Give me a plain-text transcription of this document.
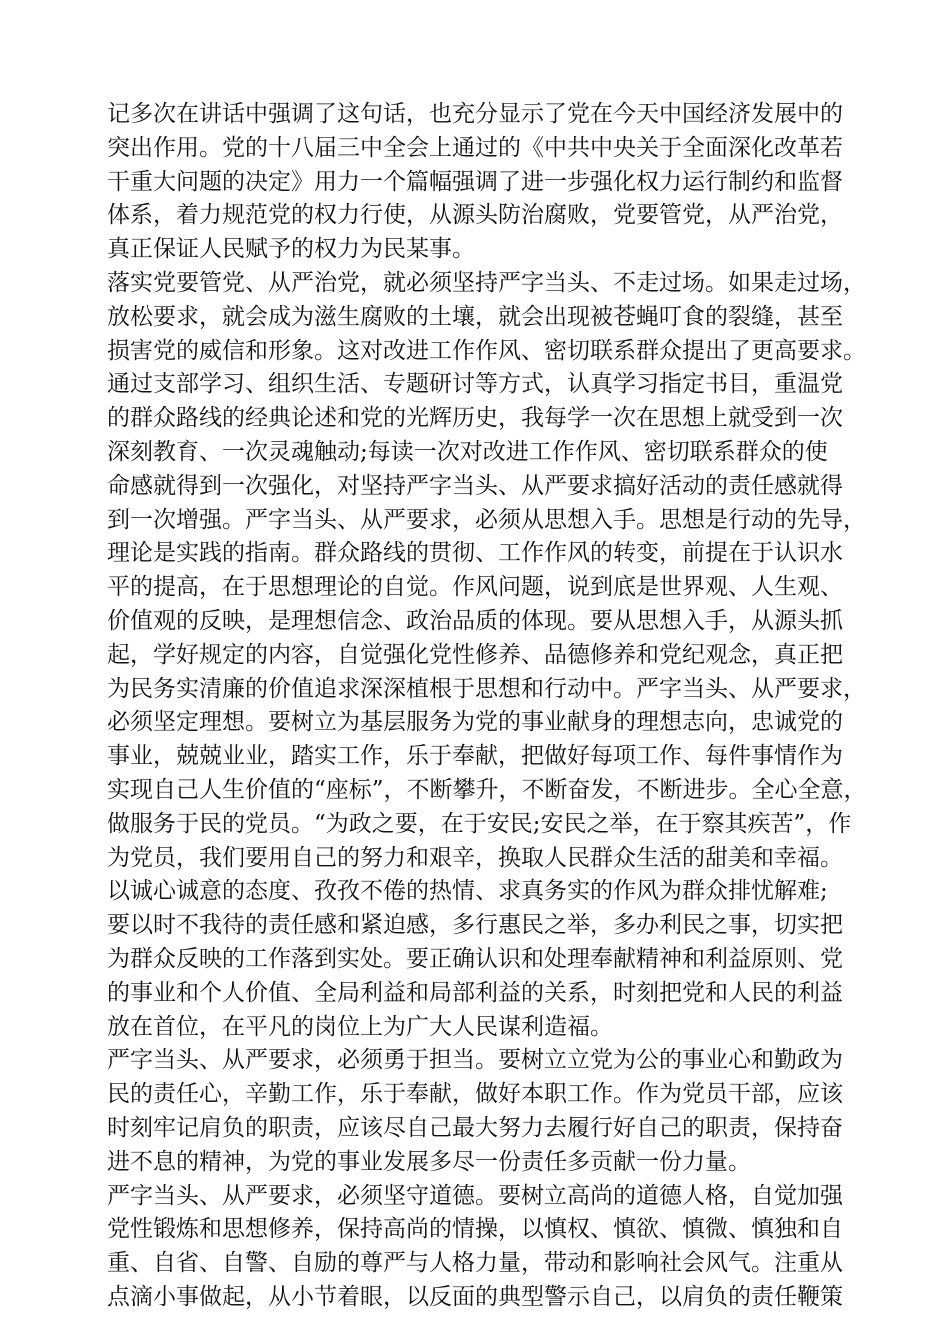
记多次在讲话中强调了这句话，也充分显示了党在今天中国经济发展中的
突出作用。党的十八届三中全会上通过的《中共中央关于全面深化改革若
干重大问题的决定》用力一个篇幅强调了进一步强化权力运行制约和监督
体系，着力规范党的权力行使，从源头防治腐败，党要管党，从严治党，
真正保证人民赋予的权力为民某事。
落实党要管党、从严治党，就必须坚持严字当头、不走过场。如果走过场，
放松要求，就会成为滋生腐败的土壤，就会出现被苍蝇叮食的裂缝，甚至
损害党的威信和形象。这对改进工作作风、密切联系群众提出了更高要求。
通过支部学习、组织生活、专题研讨等方式，认真学习指定书目，重温党
的群众路线的经典论述和党的光辉历史，我每学一次在思想上就受到一次
深刻教育、一次灵魂触动;每读一次对改进工作作风、密切联系群众的使
命感就得到一次强化，对坚持严字当头、从严要求搞好活动的责任感就得
到一次增强。严字当头、从严要求，必须从思想入手。思想是行动的先导，
理论是实践的指南。群众路线的贯彻、工作作风的转变，前提在于认识水
平的提高，在于思想理论的自觉。作风问题，说到底是世界观、人生观、
价值观的反映，是理想信念、政治品质的体现。要从思想入手，从源头抓
起，学好规定的内容，自觉强化党性修养、品德修养和党纪观念，真正把
为民务实清廉的价值追求深深植根于思想和行动中。严字当头、从严要求，
必须坚定理想。要树立为基层服务为党的事业献身的理想志向，忠诚党的
事业，兢兢业业，踏实工作，乐于奉献，把做好每项工作、每件事情作为
实现自己人生价值的“座标”，不断攀升，不断奋发，不断进步。全心全意，
做服务于民的党员。“为政之要，在于安民;安民之举，在于察其疾苦”，作
为党员，我们要用自己的努力和艰辛，换取人民群众生活的甜美和幸福。
以诚心诚意的态度、孜孜不倦的热情、求真务实的作风为群众排忧解难;
要以时不我待的责任感和紧迫感，多行惠民之举，多办利民之事，切实把
为群众反映的工作落到实处。要正确认识和处理奉献精神和利益原则、党
的事业和个人价值、全局利益和局部利益的关系，时刻把党和人民的利益
放在首位，在平凡的岗位上为广大人民谋利造福。
严字当头、从严要求，必须勇于担当。要树立立党为公的事业心和勤政为
民的责任心，辛勤工作，乐于奉献，做好本职工作。作为党员干部，应该
时刻牢记肩负的职责，应该尽自己最大努力去履行好自己的职责，保持奋
进不息的精神，为党的事业发展多尽一份责任多贡献一份力量。
严字当头、从严要求，必须坚守道德。要树立高尚的道德人格，自觉加强
党性锻炼和思想修养，保持高尚的情操，以慎权、慎欲、慎微、慎独和自
重、自省、自警、自励的尊严与人格力量，带动和影响社会风气。注重从
点滴小事做起，从小节着眼，以反面的典型警示自己，以肩负的责任鞭策
